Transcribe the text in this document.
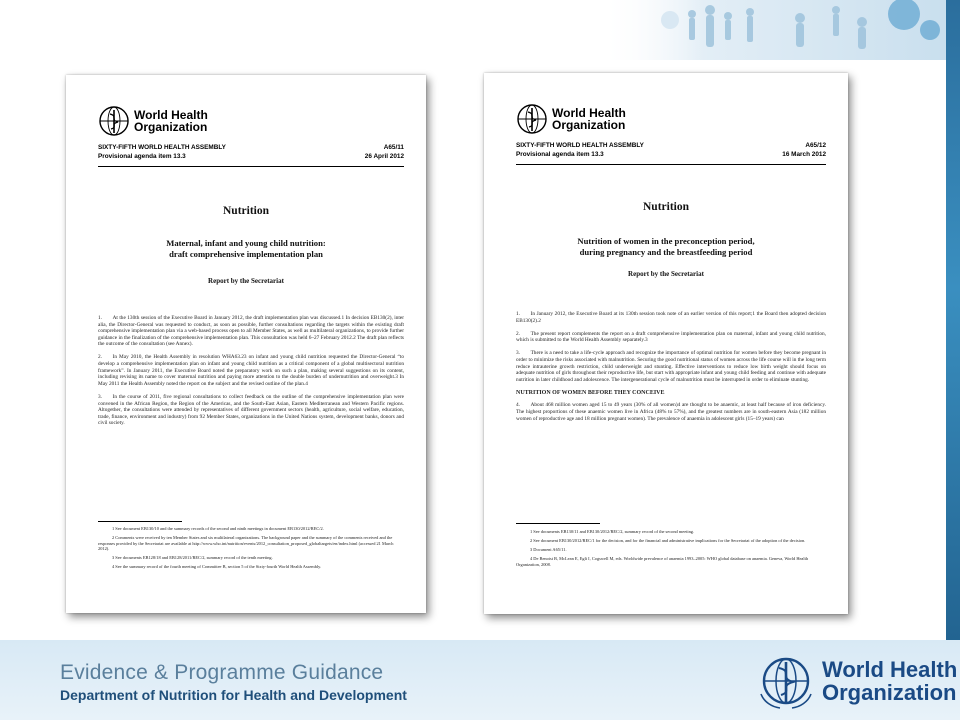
World Health
Organization
SIXTY-FIFTH WORLD HEALTH ASSEMBLY	A65/11
Provisional agenda item 13.3	26 April 2012
Nutrition
Maternal, infant and young child nutrition:
draft comprehensive implementation plan
Report by the Secretariat

1.  At the 130th session of the Executive Board in January 2012, the draft implementation plan was discussed.1 In decision EB130(2), inter alia, the Director-General was requested to conduct, as soon as possible, further consultations regarding the targets within the existing draft comprehensive implementation plan via a web-based process open to all Member States, as well as multilateral organizations, to provide further guidance in the finalization of the comprehensive implementation plan. This consultation was held 6–27 February 2012.2 The draft plan reflects the outcome of the consultation (see Annex).

2.  In May 2010, the Health Assembly in resolution WHA63.23 on infant and young child nutrition requested the Director-General “to develop a comprehensive implementation plan on infant and young child nutrition as a critical component of a global multisectoral nutrition framework”. In January 2011, the Executive Board noted the preparatory work on such a plan, making several suggestions on its content, including revising its name to cover maternal nutrition and paying more attention to the double burden of undernutrition and overweight.3 In May 2011 the Health Assembly noted the report on the subject and the revised outline of the plan.4

3.  In the course of 2011, five regional consultations to collect feedback on the outline of the comprehensive implementation plan were convened in the African Region, the Region of the Americas, and the South-East Asian, Eastern Mediterranean and Western Pacific regions. Altogether, the consultations were attended by representatives of different government sectors (health, agriculture, social welfare, education, trade, finance, environment and industry) from 92 Member States, organizations in the United Nations system, development banks, donors and civil society.

1 See document EB130/10 and the summary records of the second and ninth meetings in document EB130/2012/REC/2.

2 Comments were received by ten Member States and six multilateral organizations. The background paper and the summary of the comments received and the responses provided by the Secretariat are available at http://www.who.int/nutrition/events/2012_consultation_proposed_globaltargets/en/index.html (accessed 21 March 2012).

3 See documents EB128/18 and EB128/2011/REC/2, summary record of the tenth meeting.

4 See the summary record of the fourth meeting of Committee B, section 5 of the Sixty-fourth World Health Assembly.

World Health
Organization
SIXTY-FIFTH WORLD HEALTH ASSEMBLY	A65/12
Provisional agenda item 13.3	16 March 2012
Nutrition
Nutrition of women in the preconception period,
during pregnancy and the breastfeeding period
Report by the Secretariat

1.  In January 2012, the Executive Board at its 130th session took note of an earlier version of this report;1 the Board then adopted decision EB130(2).2

2.  The present report complements the report on a draft comprehensive implementation plan on maternal, infant and young child nutrition, which is submitted to the World Health Assembly separately.3

3.  There is a need to take a life-cycle approach and recognize the importance of optimal nutrition for women before they become pregnant in order to minimize the risks associated with malnutrition. Securing the good nutritional status of women across the life course will in the long term reduce intrauterine growth restriction, child underweight and stunting. Effective interventions to reduce low birth weight should focus on adequate nutrition of girls throughout their reproductive life, but start with appropriate infant and young child feeding and continue with adequate nutrition in later childhood and adolescence. The intergenerational cycle of malnutrition must be interrupted in order to eliminate stunting.

NUTRITION OF WOMEN BEFORE THEY CONCEIVE

4.  About 468 million women aged 15 to 49 years (30% of all women)4 are thought to be anaemic, at least half because of iron deficiency. The highest proportions of these anaemic women live in Africa (48% to 57%), and the greatest numbers are in south-eastern Asia (182 million women of reproductive age and 18 million pregnant women). The prevalence of anaemia in adolescent girls (15–19 years) can

1 See documents EB130/11 and EB130/2012/REC/2, summary record of the second meeting.

2 See document EB130/2012/REC/1 for the decision, and for the financial and administrative implications for the Secretariat of the adoption of the decision.

3 Document A65/11.

4 De Benoist B, McLean E, Egli I, Cogswell M, eds. Worldwide prevalence of anaemia 1993–2005: WHO global database on anaemia. Geneva, World Health Organization, 2008.

Evidence & Programme Guidance
Department of Nutrition for Health and Development
World Health
Organization
